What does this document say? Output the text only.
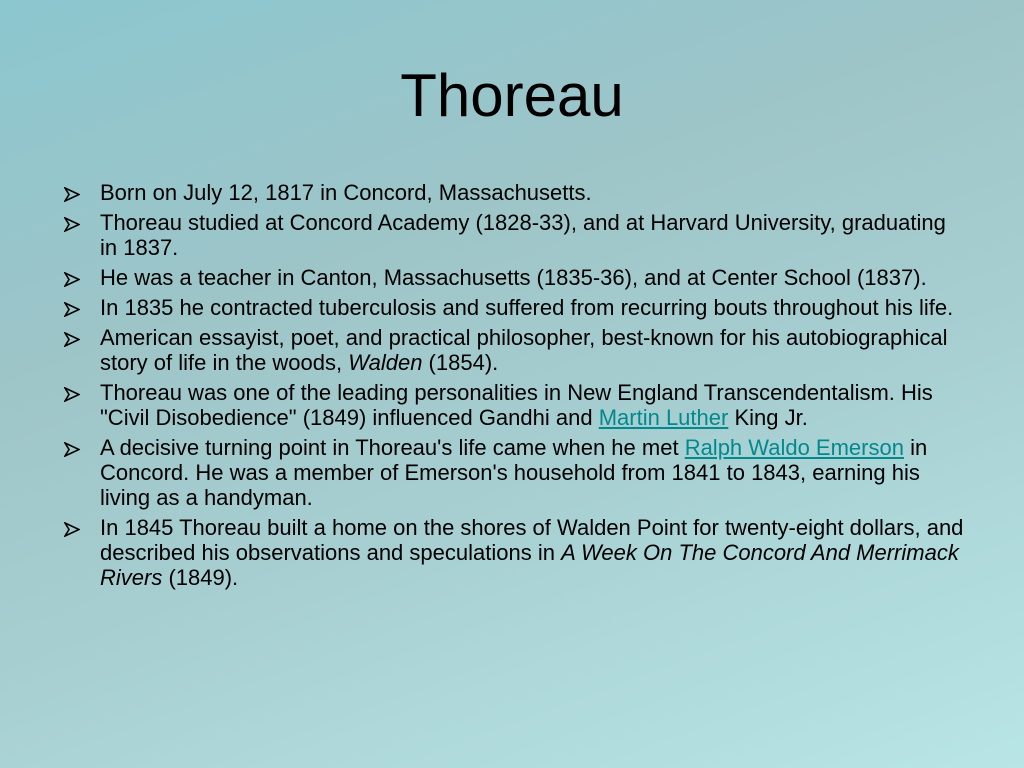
Thoreau
Born on July 12, 1817 in Concord, Massachusetts.
Thoreau studied at Concord Academy (1828-33), and at Harvard University, graduating in 1837.
He was a teacher in Canton, Massachusetts (1835-36), and at Center School (1837).
In 1835 he contracted tuberculosis and suffered from recurring bouts throughout his life.
American essayist, poet, and practical philosopher, best-known for his autobiographical story of life in the woods, Walden (1854).
Thoreau was one of the leading personalities in New England Transcendentalism. His "Civil Disobedience" (1849) influenced Gandhi and Martin Luther King Jr.
A decisive turning point in Thoreau's life came when he met Ralph Waldo Emerson in Concord. He was a member of Emerson's household from 1841 to 1843, earning his living as a handyman.
In 1845 Thoreau built a home on the shores of Walden Point for twenty-eight dollars, and described his observations and speculations in A Week On The Concord And Merrimack Rivers (1849).
